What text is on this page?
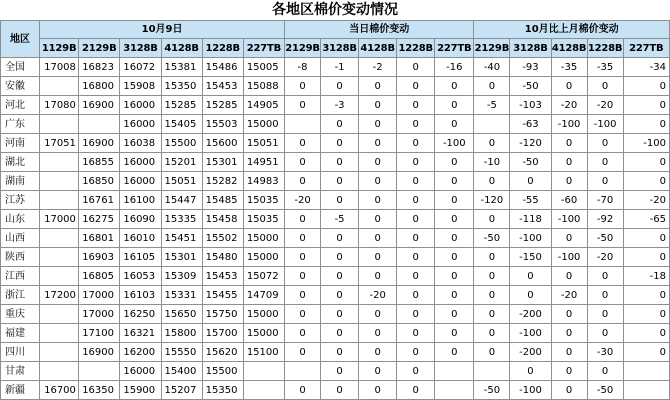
各地区棉价变动情况
地区	10月9日						当日棉价变动					10月比上月棉价变动				
	1129B	2129B	3128B	4128B	1228B	227TB	2129B	3128B	4128B	1228B	227TB	2129B	3128B	4128B	1228B	227TB
全国	17008	16823	16072	15381	15486	15005	-8	-1	-2	0	-16	-40	-93	-35	-35	-34
安徽		16800	15908	15350	15453	15088	0	0	0	0	0	0	-50	0	0	0
河北	17080	16900	16000	15285	15285	14905	0	-3	0	0	0	-5	-103	-20	-20	0
广东			16000	15405	15503	15000		0	0	0	0		-63	-100	-100	0
河南	17051	16900	16038	15500	15600	15051	0	0	0	0	-100	0	-120	0	0	-100
湖北		16855	16000	15201	15301	14951	0	0	0	0	0	-10	-50	0	0	0
湖南		16850	16000	15051	15282	14983	0	0	0	0	0	0	0	0	0	0
江苏		16761	16100	15447	15485	15035	-20	0	0	0	0	-120	-55	-60	-70	-20
山东	17000	16275	16090	15335	15458	15035	0	-5	0	0	0	0	-118	-100	-92	-65
山西		16801	16010	15451	15502	15000	0	0	0	0	0	-50	-100	0	-50	0
陕西		16903	16105	15301	15480	15000	0	0	0	0	0	0	-150	-100	-20	0
江西		16805	16053	15309	15453	15072	0	0	0	0	0	0	0	0	0	-18
浙江	17200	17000	16103	15331	15455	14709	0	0	-20	0	0	0	0	-20	0	0
重庆		17000	16250	15650	15750	15000	0	0	0	0	0	0	-200	0	0	0
福建		17100	16321	15800	15700	15000	0	0	0	0	0	0	-100	0	0	0
四川		16900	16200	15550	15620	15100	0	0	0	0	0	0	-200	0	-30	0
甘肃			16000	15400	15500			0	0	0			0	0	0	
新疆	16700	16350	15900	15207	15350		0	0	0	0		-50	-100	0	-50	
